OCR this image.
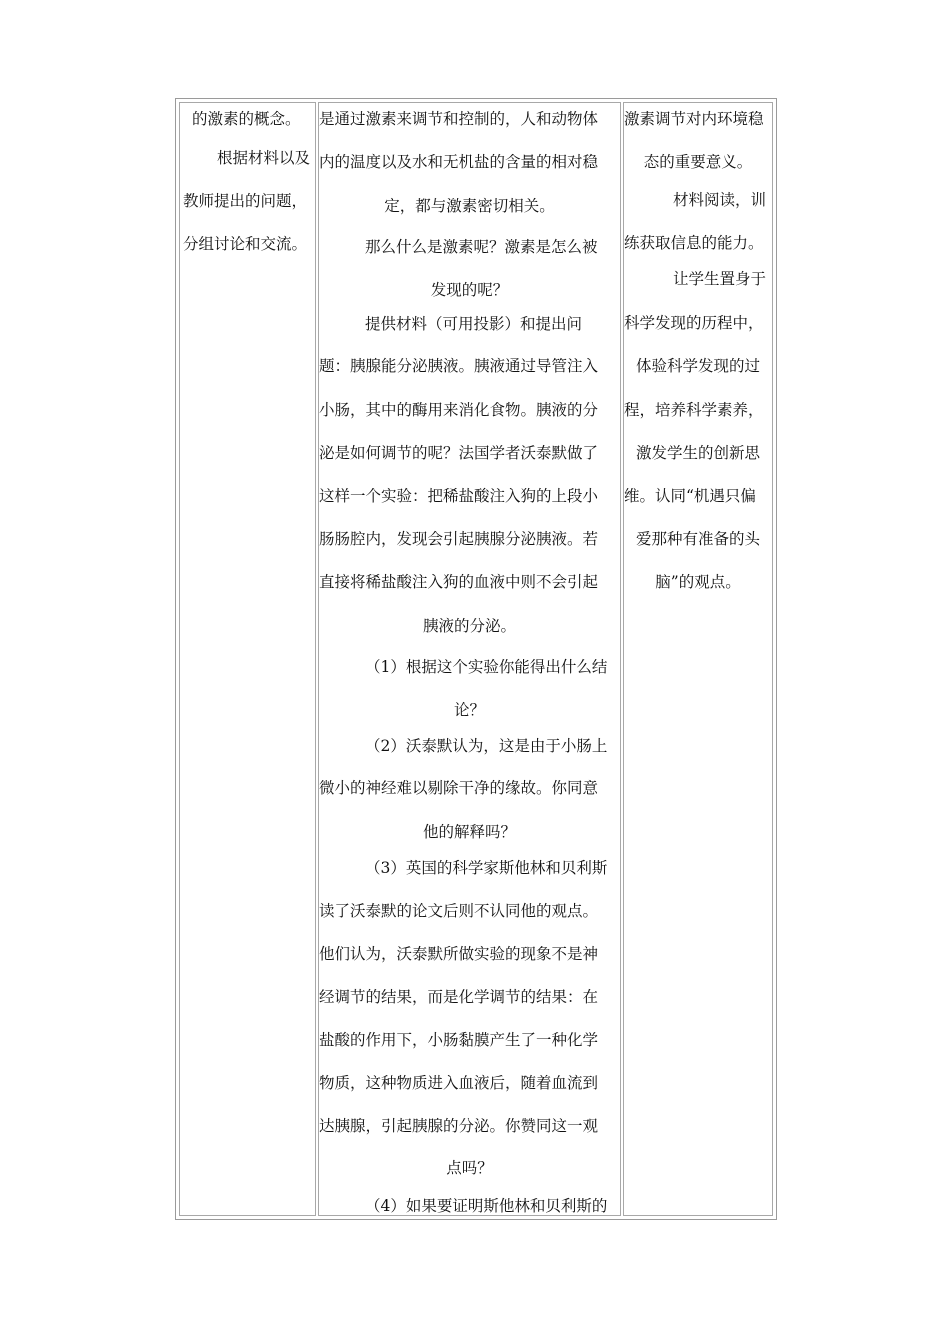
的激素的概念。
根据材料以及
教师提出的问题，
分组讨论和交流。
是通过激素来调节和控制的，人和动物体
内的温度以及水和无机盐的含量的相对稳
定，都与激素密切相关。
那么什么是激素呢？激素是怎么被
发现的呢？
提供材料（可用投影）和提出问
题：胰腺能分泌胰液。胰液通过导管注入
小肠，其中的酶用来消化食物。胰液的分
泌是如何调节的呢？法国学者沃泰默做了
这样一个实验：把稀盐酸注入狗的上段小
肠肠腔内，发现会引起胰腺分泌胰液。若
直接将稀盐酸注入狗的血液中则不会引起
胰液的分泌。
（1）根据这个实验你能得出什么结
论？
（2）沃泰默认为，这是由于小肠上
微小的神经难以剔除干净的缘故。你同意
他的解释吗？
（3）英国的科学家斯他林和贝利斯
读了沃泰默的论文后则不认同他的观点。
他们认为，沃泰默所做实验的现象不是神
经调节的结果，而是化学调节的结果：在
盐酸的作用下，小肠黏膜产生了一种化学
物质，这种物质进入血液后，随着血流到
达胰腺，引起胰腺的分泌。你赞同这一观
点吗？
（4）如果要证明斯他林和贝利斯的
激素调节对内环境稳
态的重要意义。
材料阅读，训
练获取信息的能力。
让学生置身于
科学发现的历程中，
体验科学发现的过
程，培养科学素养，
激发学生的创新思
维。认同“机遇只偏
爱那种有准备的头
脑”的观点。
